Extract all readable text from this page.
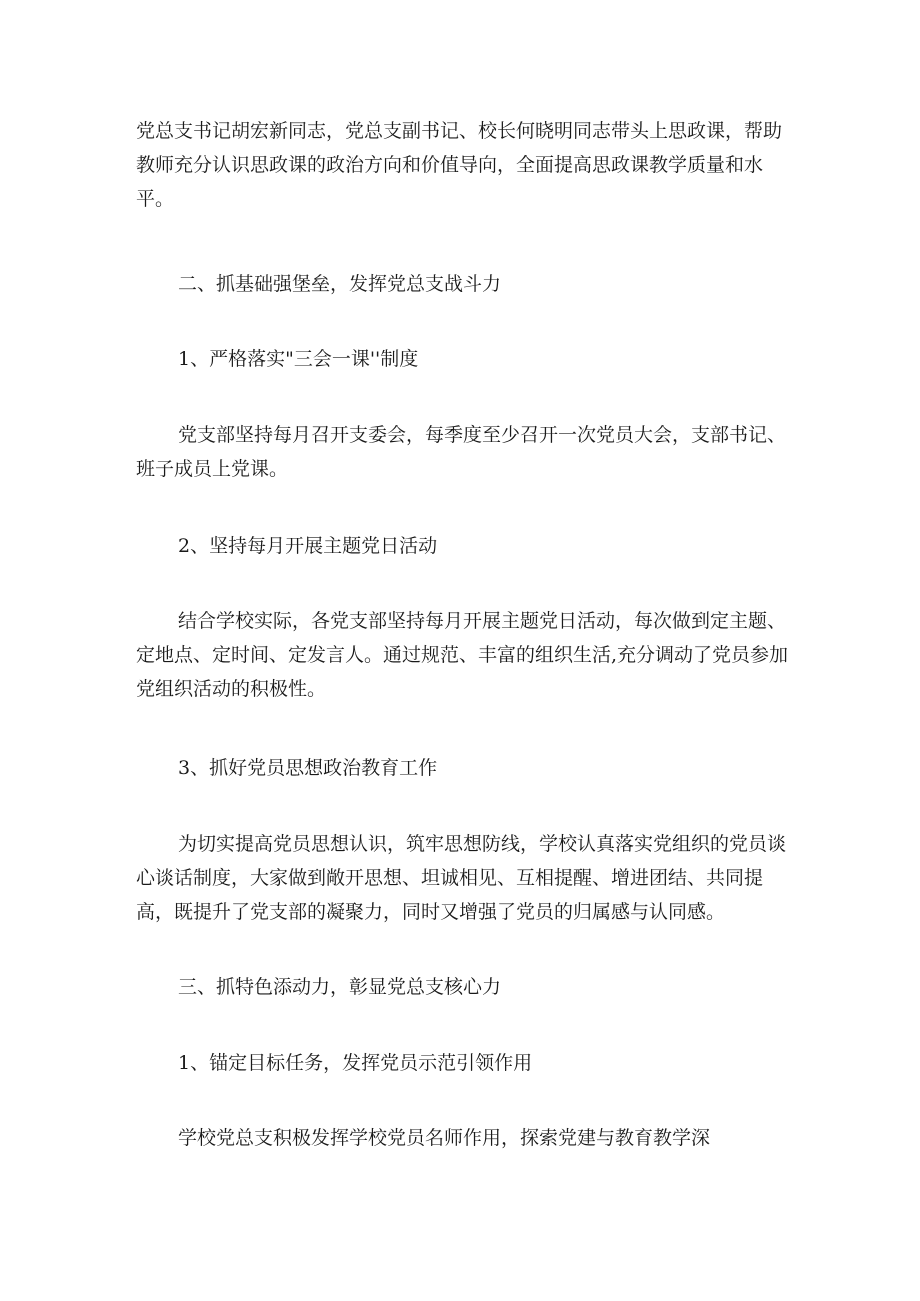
党总支书记胡宏新同志，党总支副书记、校长何晓明同志带头上思政课，帮助教师充分认识思政课的政治方向和价值导向，全面提高思政课教学质量和水平。

二、抓基础强堡垒，发挥党总支战斗力

1、严格落实"三会一课''制度

党支部坚持每月召开支委会，每季度至少召开一次党员大会，支部书记、班子成员上党课。

2、坚持每月开展主题党日活动

结合学校实际，各党支部坚持每月开展主题党日活动，每次做到定主题、定地点、定时间、定发言人。通过规范、丰富的组织生活,充分调动了党员参加党组织活动的积极性。

3、抓好党员思想政治教育工作

为切实提高党员思想认识，筑牢思想防线，学校认真落实党组织的党员谈心谈话制度，大家做到敞开思想、坦诚相见、互相提醒、增进团结、共同提高，既提升了党支部的凝聚力，同时又增强了党员的归属感与认同感。

三、抓特色添动力，彰显党总支核心力

1、锚定目标任务，发挥党员示范引领作用

学校党总支积极发挥学校党员名师作用，探索党建与教育教学深
